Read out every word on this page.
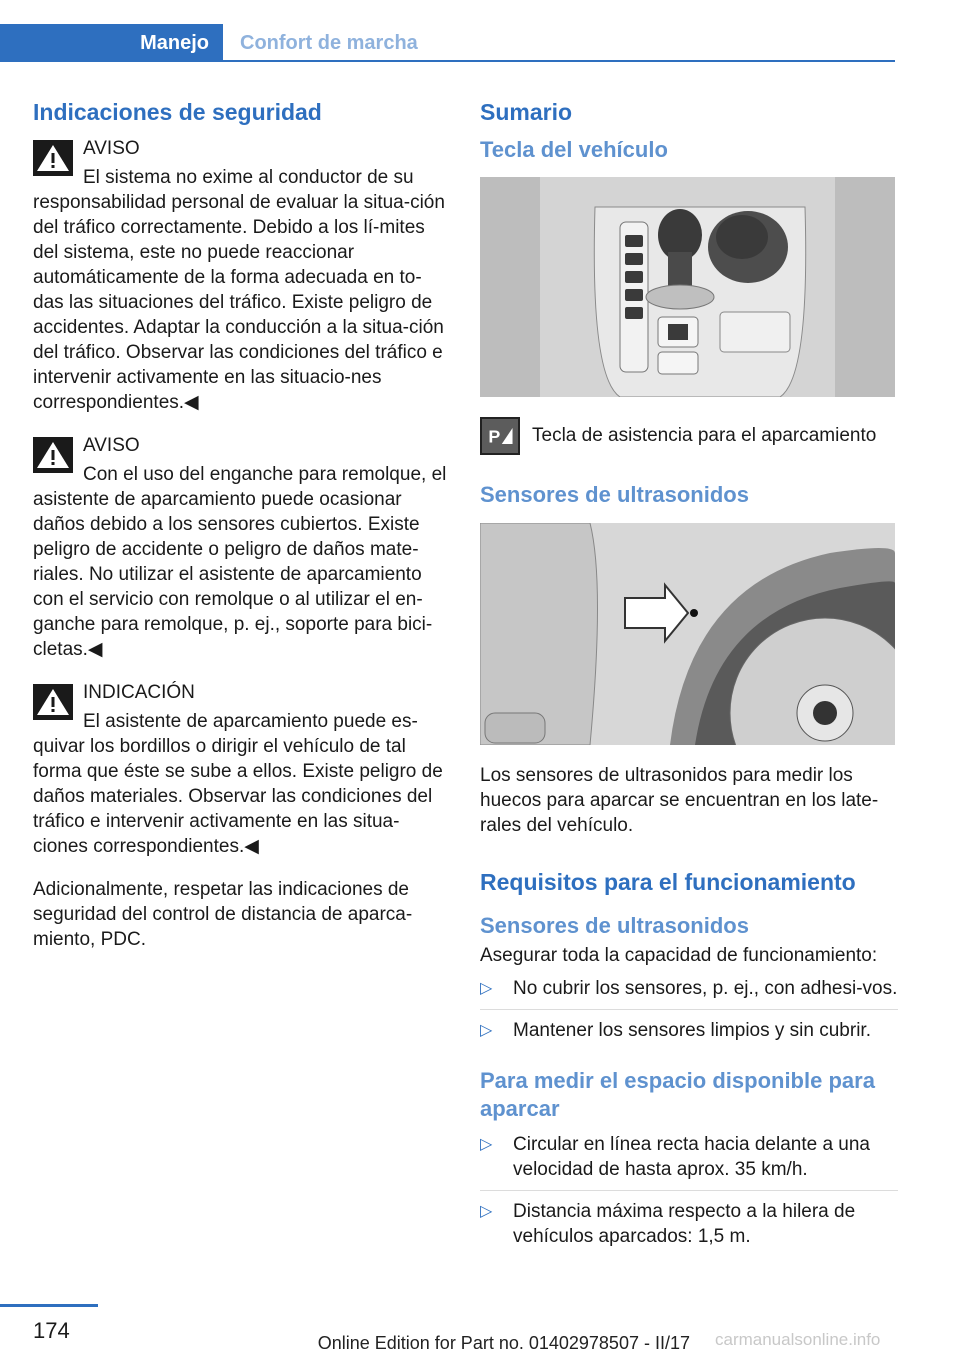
Manejo	Confort de marcha
Indicaciones de seguridad
AVISO
El sistema no exime al conductor de su responsabilidad personal de evaluar la situa‐ción del tráfico correctamente. Debido a los lí‐mites del sistema, este no puede reaccionar automáticamente de la forma adecuada en to‐das las situaciones del tráfico. Existe peligro de accidentes. Adaptar la conducción a la situa‐ción del tráfico. Observar las condiciones del tráfico e intervenir activamente en las situacio‐nes correspondientes.◀
AVISO
Con el uso del enganche para remolque, el asistente de aparcamiento puede ocasionar daños debido a los sensores cubiertos. Existe peligro de accidente o peligro de daños mate‐riales. No utilizar el asistente de aparcamiento con el servicio con remolque o al utilizar el en‐ganche para remolque, p. ej., soporte para bici‐cletas.◀
INDICACIÓN
El asistente de aparcamiento puede es‐quivar los bordillos o dirigir el vehículo de tal forma que éste se sube a ellos. Existe peligro de daños materiales. Observar las condiciones del tráfico e intervenir activamente en las situa‐ciones correspondientes.◀

Adicionalmente, respetar las indicaciones de seguridad del control de distancia de aparca‐miento, PDC.

Sumario
Tecla del vehículo
P Tecla de asistencia para el aparcamiento
Sensores de ultrasonidos

Los sensores de ultrasonidos para medir los huecos para aparcar se encuentran en los late‐rales del vehículo.

Requisitos para el funcionamiento
Sensores de ultrasonidos

Asegurar toda la capacidad de funcionamiento:

▷ No cubrir los sensores, p. ej., con adhesi‐vos.
▷ Mantener los sensores limpios y sin cubrir.
Para medir el espacio disponible para aparcar
▷ Circular en línea recta hacia delante a una velocidad de hasta aprox. 35 km/h.
▷ Distancia máxima respecto a la hilera de vehículos aparcados: 1,5 m.
174	Online Edition for Part no. 01402978507 - II/17 carmanualsonline.info
